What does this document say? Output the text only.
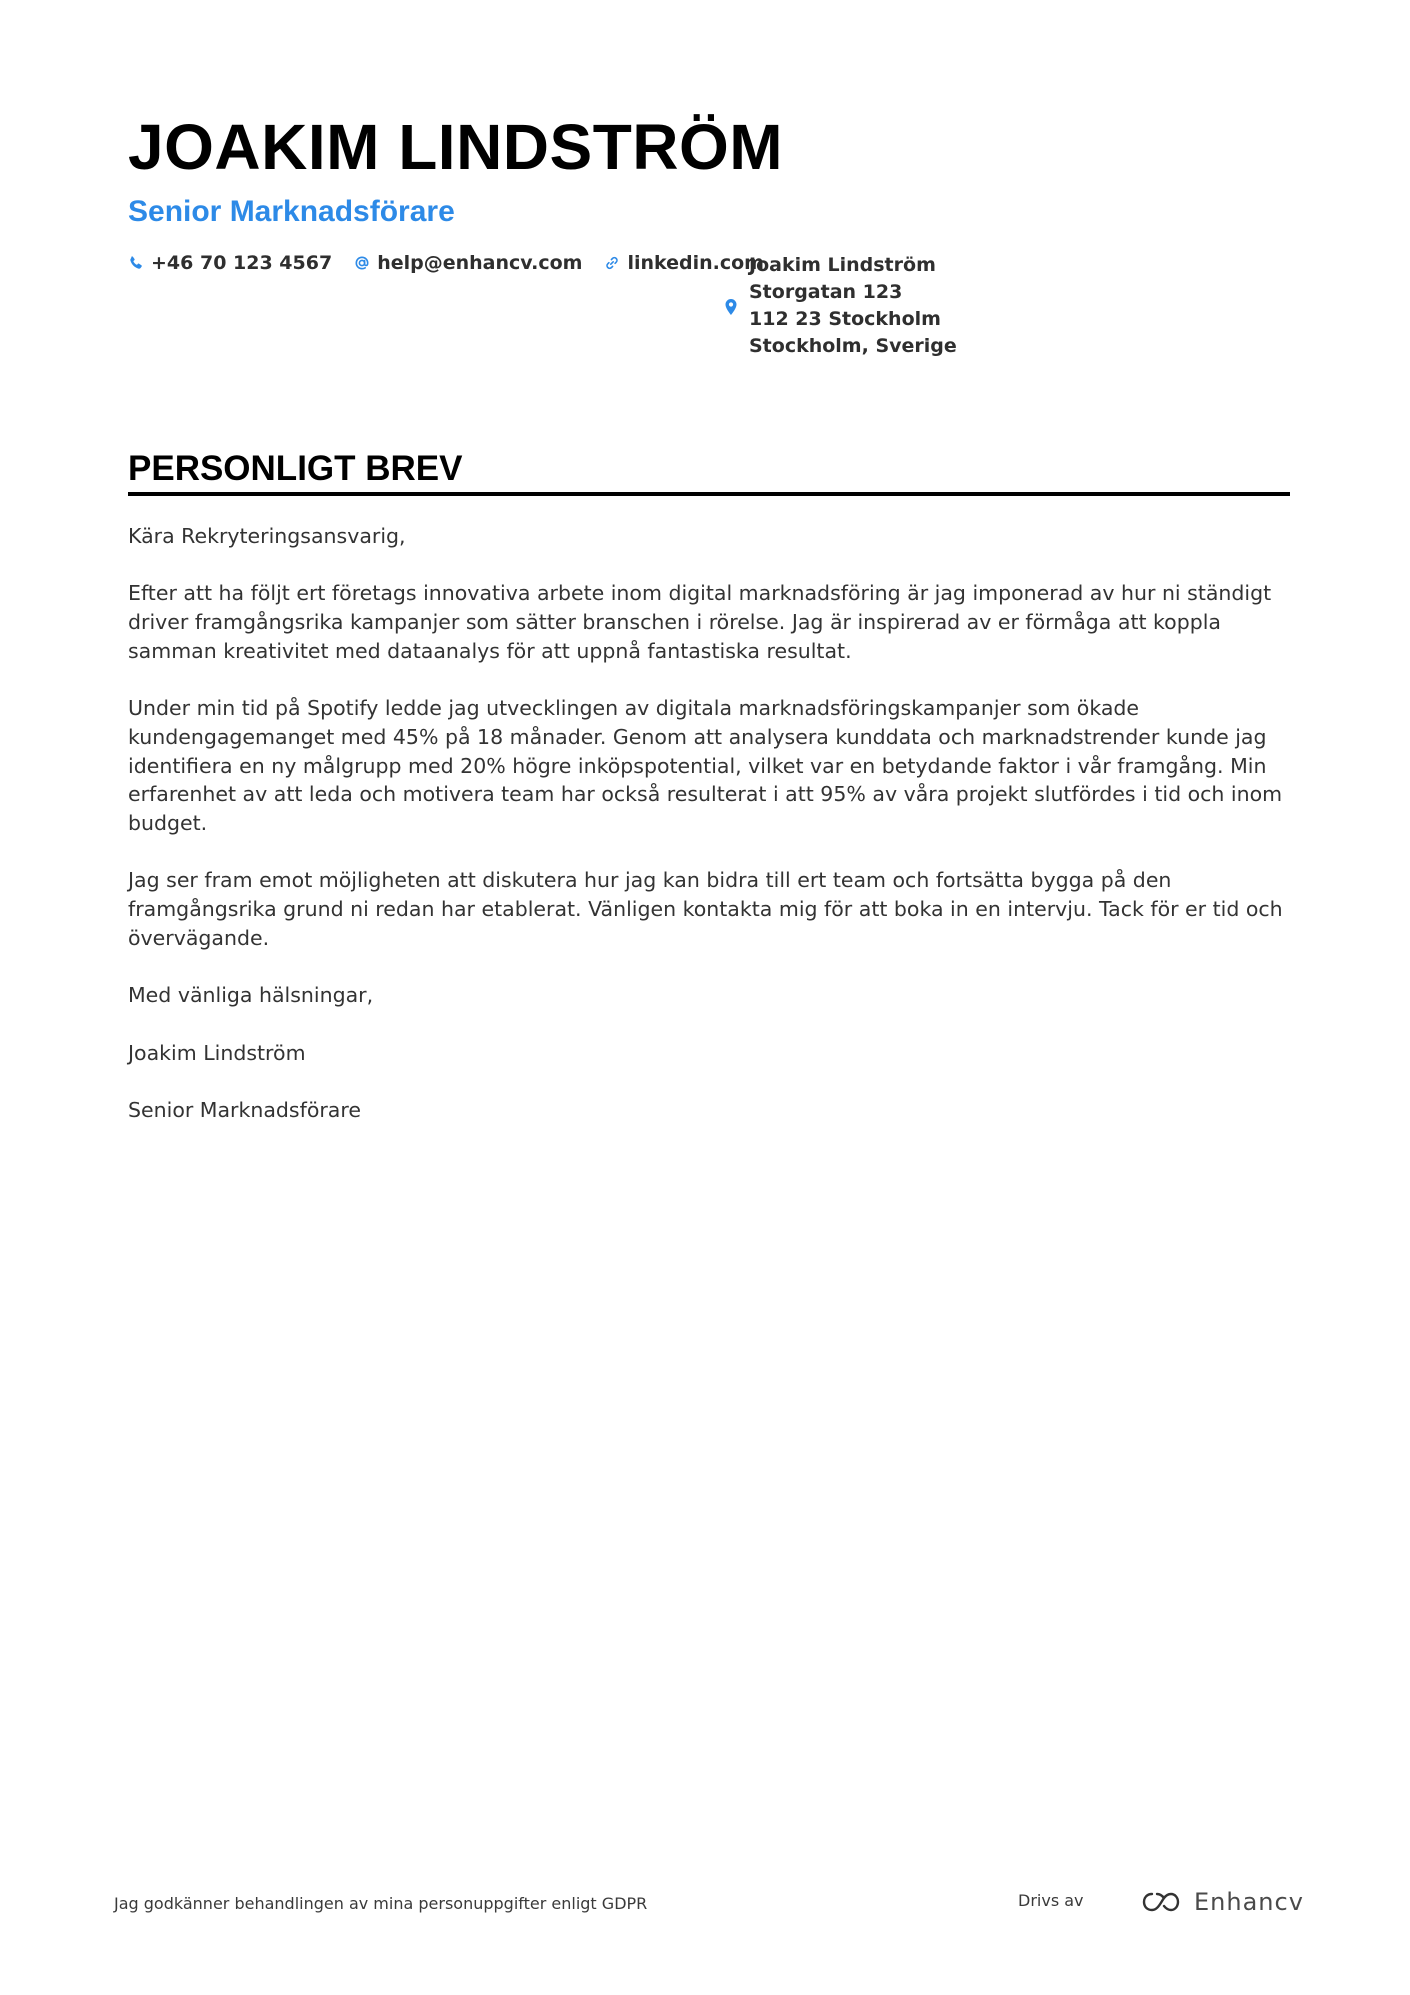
JOAKIM LINDSTRÖM
Senior Marknadsförare
+46 70 123 4567 help@enhancv.com linkedin.com
Joakim Lindström
Storgatan 123
112 23 Stockholm
Stockholm, Sverige
PERSONLIGT BREV

Kära Rekryteringsansvarig,

Efter att ha följt ert företags innovativa arbete inom digital marknadsföring är jag imponerad av hur ni ständigt driver framgångsrika kampanjer som sätter branschen i rörelse. Jag är inspirerad av er förmåga att koppla samman kreativitet med dataanalys för att uppnå fantastiska resultat.

Under min tid på Spotify ledde jag utvecklingen av digitala marknadsföringskampanjer som ökade kundengagemanget med 45% på 18 månader. Genom att analysera kunddata och marknadstrender kunde jag identifiera en ny målgrupp med 20% högre inköpspotential, vilket var en betydande faktor i vår framgång. Min erfarenhet av att leda och motivera team har också resulterat i att 95% av våra projekt slutfördes i tid och inom budget.

Jag ser fram emot möjligheten att diskutera hur jag kan bidra till ert team och fortsätta bygga på den framgångsrika grund ni redan har etablerat. Vänligen kontakta mig för att boka in en intervju. Tack för er tid och övervägande.

Med vänliga hälsningar,

Joakim Lindström

Senior Marknadsförare

Jag godkänner behandlingen av mina personuppgifter enligt GDPR	Drivs av	Enhancv
